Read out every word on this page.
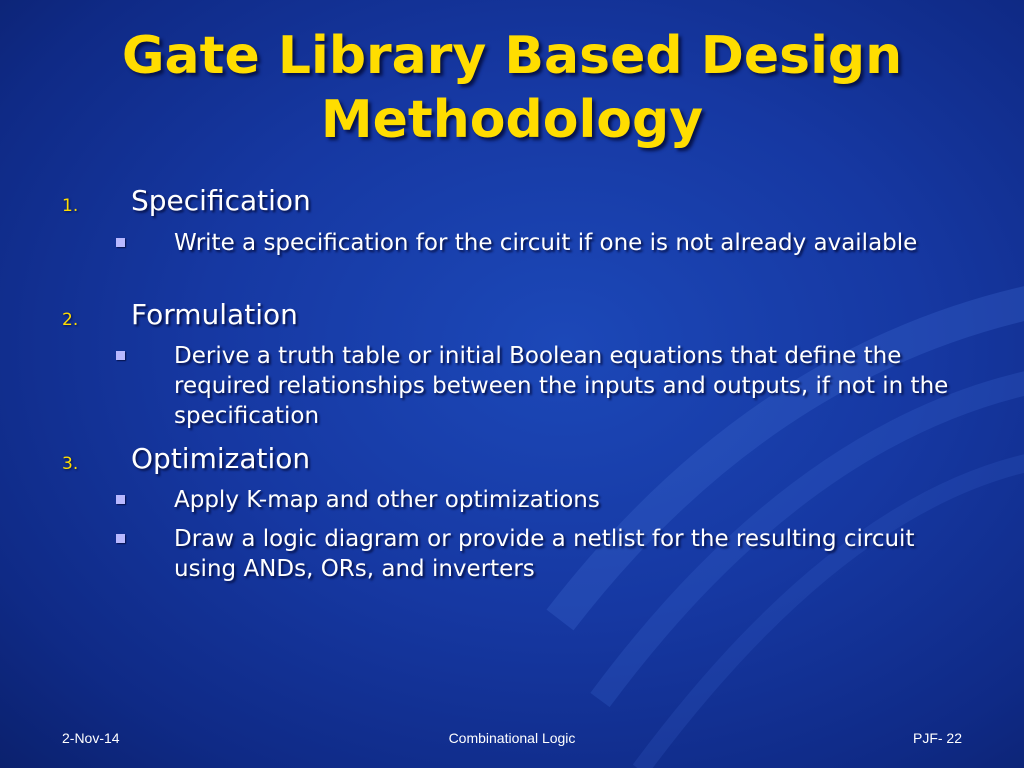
Gate Library Based Design
Methodology
1. Specification
Write a specification for the circuit if one is not already available
2. Formulation
Derive a truth table or initial Boolean equations that define the required relationships between the inputs and outputs, if not in the specification
3. Optimization
Apply K-map and other optimizations
Draw a logic diagram or provide a netlist for the resulting circuit using ANDs, ORs, and inverters
2-Nov-14	Combinational Logic	PJF- 22
